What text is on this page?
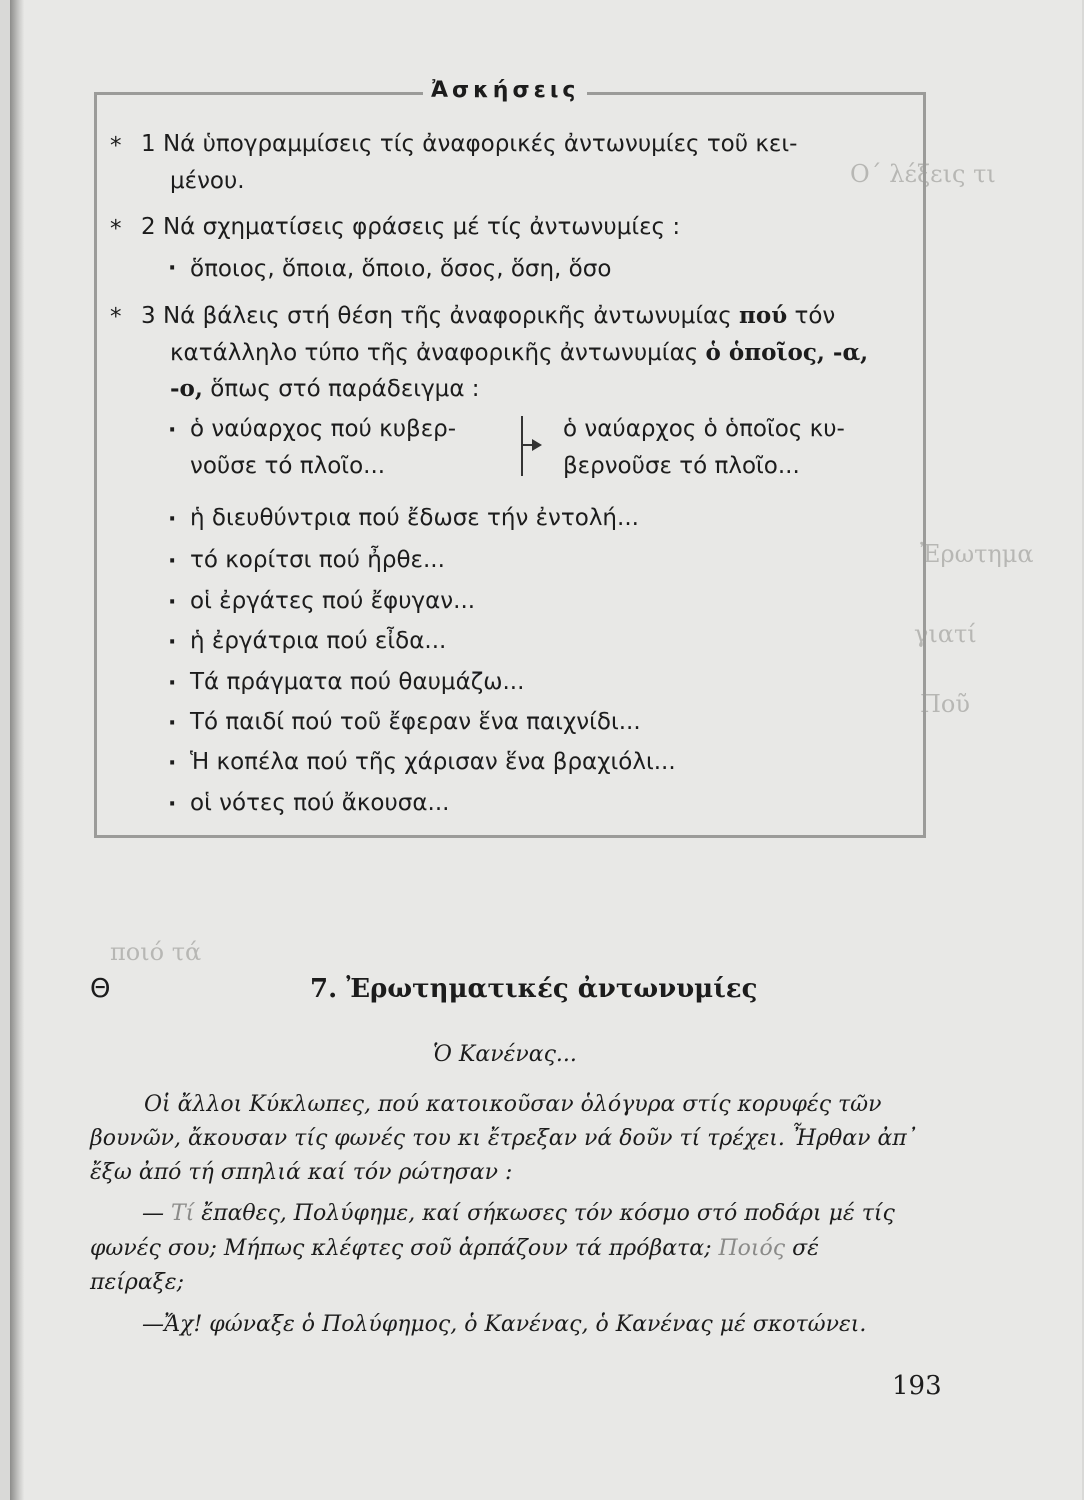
Ο΄ λέξεις τι
Ἐρωτημα
γιατί
Ποῦ
ποιό τά
Ἀσκήσεις
* 1 Νά ὑπογραμμίσεις τίς ἀναφορικές ἀντωνυμίες τοῦ κει-
μένου.
* 2 Νά σχηματίσεις φράσεις μέ τίς ἀντωνυμίες :
· ὅποιος, ὅποια, ὅποιο, ὅσος, ὅση, ὅσο
* 3 Νά βάλεις στή θέση τῆς ἀναφορικῆς ἀντωνυμίας πού τόν
κατάλληλο τύπο τῆς ἀναφορικῆς ἀντωνυμίας ὁ ὁποῖος, -α,
-ο, ὅπως στό παράδειγμα :
· ὁ ναύαρχος πού κυβερ-
νοῦσε τό πλοῖο...
ὁ ναύαρχος ὁ ὁποῖος κυ-
βερνοῦσε τό πλοῖο...
· ἡ διευθύντρια πού ἔδωσε τήν ἐντολή...
· τό κορίτσι πού ἦρθε...
· οἱ ἐργάτες πού ἔφυγαν...
· ἡ ἐργάτρια πού εἶδα...
· Τά πράγματα πού θαυμάζω...
· Τό παιδί πού τοῦ ἔφεραν ἕνα παιχνίδι...
· Ἡ κοπέλα πού τῆς χάρισαν ἕνα βραχιόλι...
· οἱ νότες πού ἄκουσα...
Θ	7. Ἐρωτηματικές ἀντωνυμίες
Ὁ Κανένας...
Οἱ ἄλλοι Κύκλωπες, πού κατοικοῦσαν ὁλόγυρα στίς κορυφές τῶν
βουνῶν, ἄκουσαν τίς φωνές του κι ἔτρεξαν νά δοῦν τί τρέχει. Ἦρθαν ἀπ᾿
ἔξω ἀπό τή σπηλιά καί τόν ρώτησαν :
— Τί ἔπαθες, Πολύφημε, καί σήκωσες τόν κόσμο στό ποδάρι μέ τίς
φωνές σου; Μήπως κλέφτες σοῦ ἁρπάζουν τά πρόβατα; Ποιός σέ
πείραξε;
—Ἄχ! φώναξε ὁ Πολύφημος, ὁ Κανένας, ὁ Κανένας μέ σκοτώνει.
193
